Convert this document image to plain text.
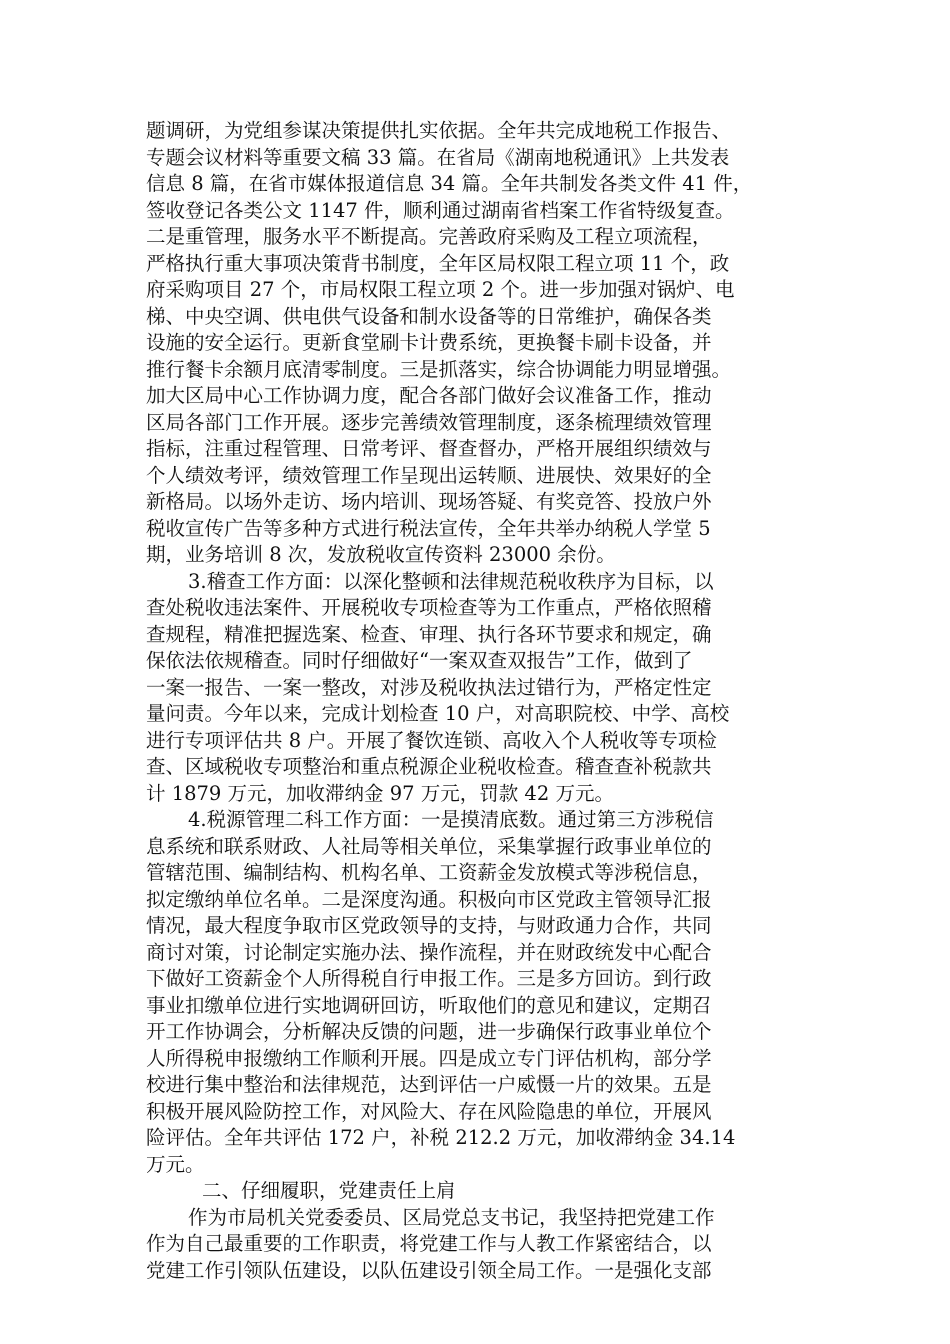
题调研，为党组参谋决策提供扎实依据。全年共完成地税工作报告、
专题会议材料等重要文稿 33 篇。在省局《湖南地税通讯》上共发表
信息 8 篇，在省市媒体报道信息 34 篇。全年共制发各类文件 41 件，
签收登记各类公文 1147 件，顺利通过湖南省档案工作省特级复查。
二是重管理，服务水平不断提高。完善政府采购及工程立项流程，
严格执行重大事项决策背书制度，全年区局权限工程立项 11 个，政
府采购项目 27 个，市局权限工程立项 2 个。进一步加强对锅炉、电
梯、中央空调、供电供气设备和制水设备等的日常维护，确保各类
设施的安全运行。更新食堂刷卡计费系统，更换餐卡刷卡设备，并
推行餐卡余额月底清零制度。三是抓落实，综合协调能力明显增强。
加大区局中心工作协调力度，配合各部门做好会议准备工作，推动
区局各部门工作开展。逐步完善绩效管理制度，逐条梳理绩效管理
指标，注重过程管理、日常考评、督查督办，严格开展组织绩效与
个人绩效考评，绩效管理工作呈现出运转顺、进展快、效果好的全
新格局。以场外走访、场内培训、现场答疑、有奖竞答、投放户外
税收宣传广告等多种方式进行税法宣传，全年共举办纳税人学堂 5
期，业务培训 8 次，发放税收宣传资料 23000 余份。
3.稽查工作方面：以深化整顿和法律规范税收秩序为目标，以
查处税收违法案件、开展税收专项检查等为工作重点，严格依照稽
查规程，精准把握选案、检查、审理、执行各环节要求和规定，确
保依法依规稽查。同时仔细做好“一案双查双报告”工作，做到了
一案一报告、一案一整改，对涉及税收执法过错行为，严格定性定
量问责。今年以来，完成计划检查 10 户，对高职院校、中学、高校
进行专项评估共 8 户。开展了餐饮连锁、高收入个人税收等专项检
查、区域税收专项整治和重点税源企业税收检查。稽查查补税款共
计 1879 万元，加收滞纳金 97 万元，罚款 42 万元。
4.税源管理二科工作方面：一是摸清底数。通过第三方涉税信
息系统和联系财政、人社局等相关单位，采集掌握行政事业单位的
管辖范围、编制结构、机构名单、工资薪金发放模式等涉税信息，
拟定缴纳单位名单。二是深度沟通。积极向市区党政主管领导汇报
情况，最大程度争取市区党政领导的支持，与财政通力合作，共同
商讨对策，讨论制定实施办法、操作流程，并在财政统发中心配合
下做好工资薪金个人所得税自行申报工作。三是多方回访。到行政
事业扣缴单位进行实地调研回访，听取他们的意见和建议，定期召
开工作协调会，分析解决反馈的问题，进一步确保行政事业单位个
人所得税申报缴纳工作顺利开展。四是成立专门评估机构，部分学
校进行集中整治和法律规范，达到评估一户威慑一片的效果。五是
积极开展风险防控工作，对风险大、存在风险隐患的单位，开展风
险评估。全年共评估 172 户，补税 212.2 万元，加收滞纳金 34.14
万元。
二、仔细履职，党建责任上肩
作为市局机关党委委员、区局党总支书记，我坚持把党建工作
作为自己最重要的工作职责，将党建工作与人教工作紧密结合，以
党建工作引领队伍建设，以队伍建设引领全局工作。一是强化支部
